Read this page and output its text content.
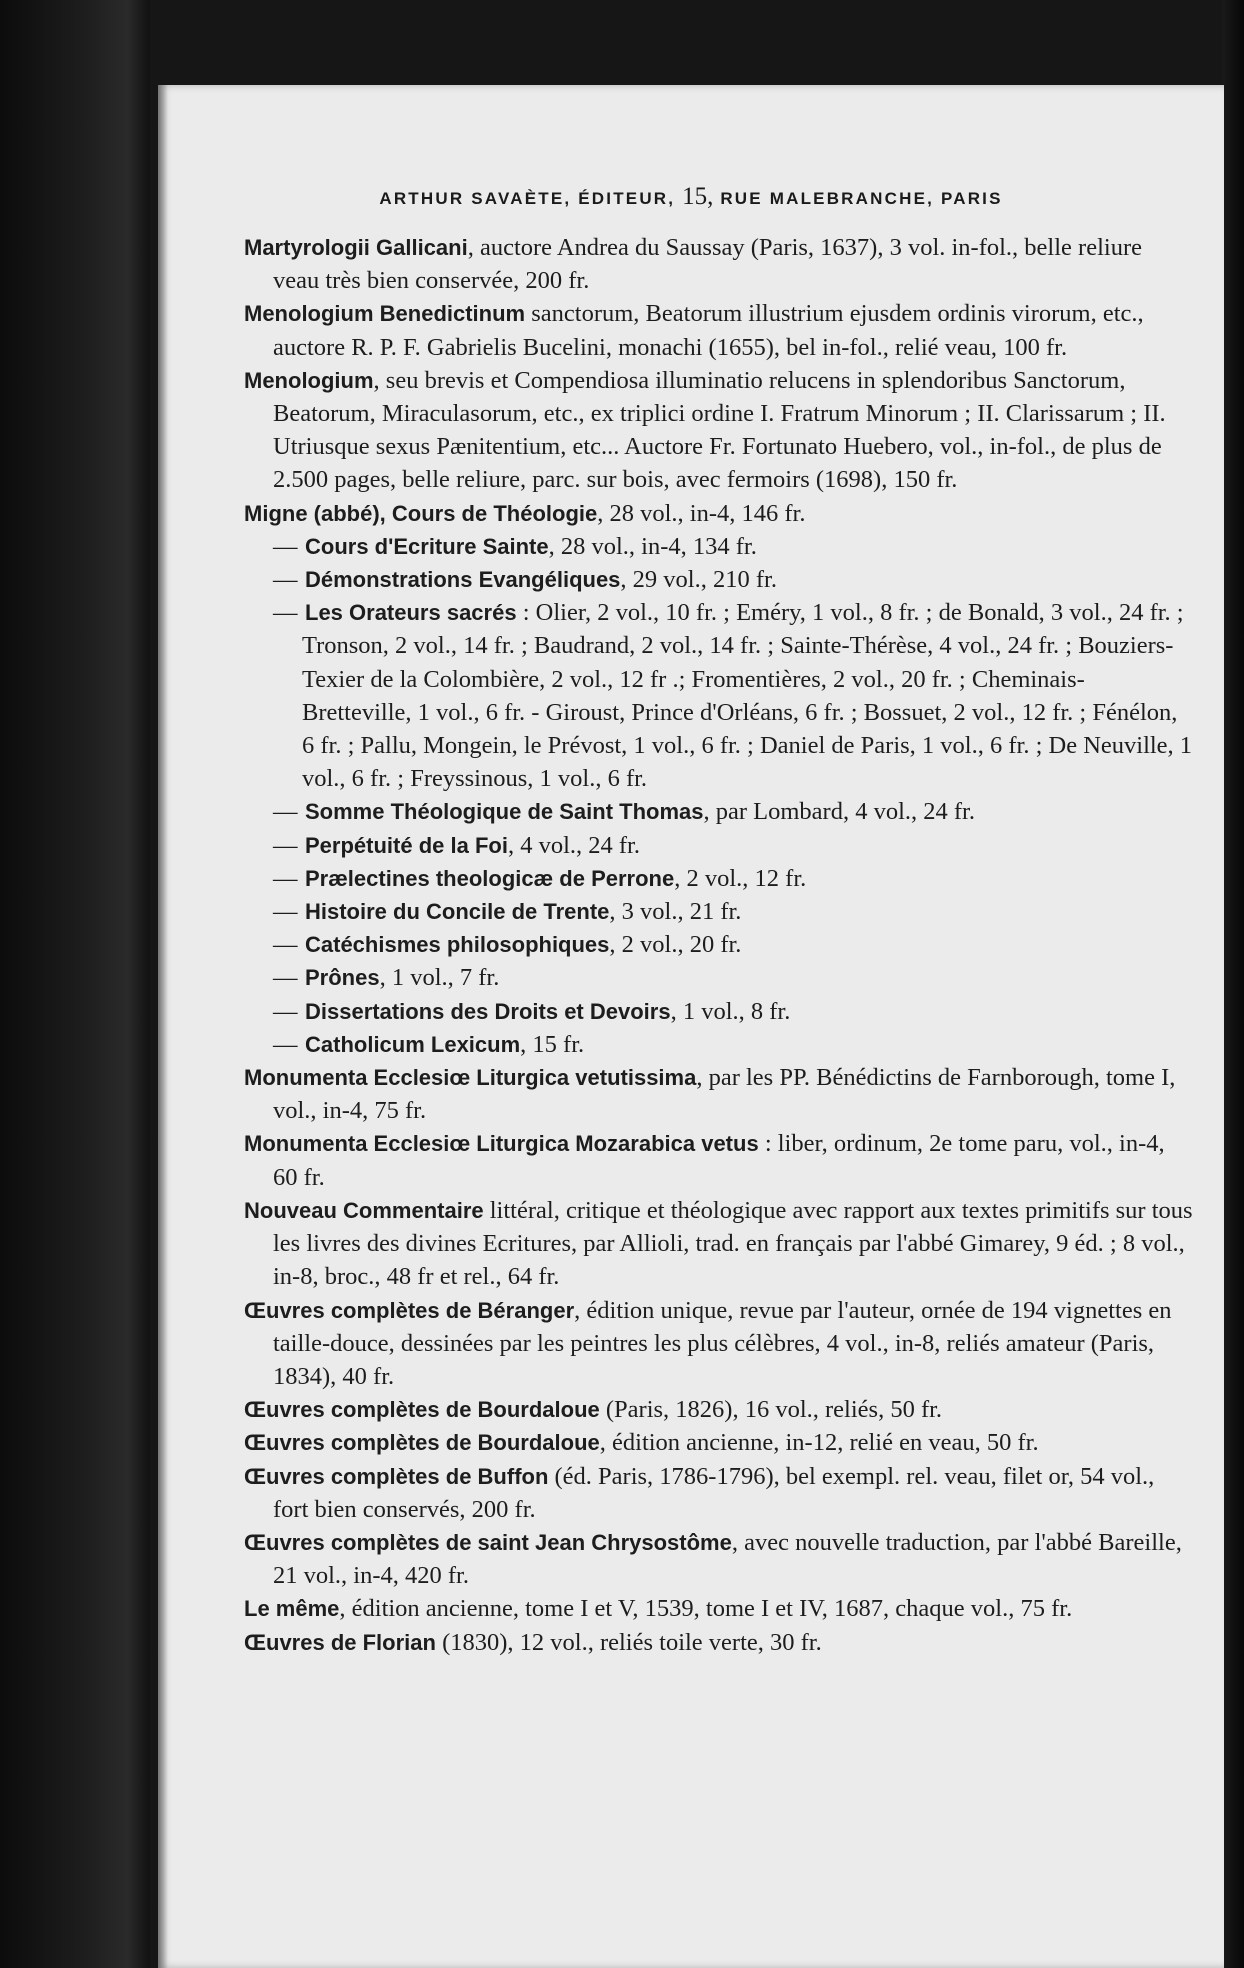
ARTHUR SAVAÈTE, ÉDITEUR, 15, RUE MALEBRANCHE, PARIS

Martyrologii Gallicani, auctore Andrea du Saussay (Paris, 1637), 3 vol. in-fol., belle reliure veau très bien conservée, 200 fr.

Menologium Benedictinum sanctorum, Beatorum illustrium ejusdem ordinis virorum, etc., auctore R. P. F. Gabrielis Bucelini, monachi (1655), bel in-fol., relié veau, 100 fr.

Menologium, seu brevis et Compendiosa illuminatio relucens in splendoribus Sanctorum, Beatorum, Miraculasorum, etc., ex triplici ordine I. Fratrum Minorum ; II. Clarissarum ; II. Utriusque sexus Pænitentium, etc... Auctore Fr. Fortunato Huebero, vol., in-fol., de plus de 2.500 pages, belle reliure, parc. sur bois, avec fermoirs (1698), 150 fr.

Migne (abbé), Cours de Théologie, 28 vol., in-4, 146 fr.

— Cours d'Ecriture Sainte, 28 vol., in-4, 134 fr.

— Démonstrations Evangéliques, 29 vol., 210 fr.

— Les Orateurs sacrés : Olier, 2 vol., 10 fr. ; Eméry, 1 vol., 8 fr. ; de Bonald, 3 vol., 24 fr. ; Tronson, 2 vol., 14 fr. ; Baudrand, 2 vol., 14 fr. ; Sainte-Thérèse, 4 vol., 24 fr. ; Bouziers-Texier de la Colombière, 2 vol., 12 fr .; Fromentières, 2 vol., 20 fr. ; Cheminais-Bretteville, 1 vol., 6 fr. - Giroust, Prince d'Orléans, 6 fr. ; Bossuet, 2 vol., 12 fr. ; Fénélon, 6 fr. ; Pallu, Mongein, le Prévost, 1 vol., 6 fr. ; Daniel de Paris, 1 vol., 6 fr. ; De Neuville, 1 vol., 6 fr. ; Freyssinous, 1 vol., 6 fr.

— Somme Théologique de Saint Thomas, par Lombard, 4 vol., 24 fr.

— Perpétuité de la Foi, 4 vol., 24 fr.

— Prælectines theologicæ de Perrone, 2 vol., 12 fr.

— Histoire du Concile de Trente, 3 vol., 21 fr.

— Catéchismes philosophiques, 2 vol., 20 fr.

— Prônes, 1 vol., 7 fr.

— Dissertations des Droits et Devoirs, 1 vol., 8 fr.

— Catholicum Lexicum, 15 fr.

Monumenta Ecclesiœ Liturgica vetutissima, par les PP. Bénédictins de Farnborough, tome I, vol., in-4, 75 fr.

Monumenta Ecclesiœ Liturgica Mozarabica vetus : liber, ordinum, 2e tome paru, vol., in-4, 60 fr.

Nouveau Commentaire littéral, critique et théologique avec rapport aux textes primitifs sur tous les livres des divines Ecritures, par Allioli, trad. en français par l'abbé Gimarey, 9 éd. ; 8 vol., in-8, broc., 48 fr et rel., 64 fr.

Œuvres complètes de Béranger, édition unique, revue par l'auteur, ornée de 194 vignettes en taille-douce, dessinées par les peintres les plus célèbres, 4 vol., in-8, reliés amateur (Paris, 1834), 40 fr.

Œuvres complètes de Bourdaloue (Paris, 1826), 16 vol., reliés, 50 fr.

Œuvres complètes de Bourdaloue, édition ancienne, in-12, relié en veau, 50 fr.

Œuvres complètes de Buffon (éd. Paris, 1786-1796), bel exempl. rel. veau, filet or, 54 vol., fort bien conservés, 200 fr.

Œuvres complètes de saint Jean Chrysostôme, avec nouvelle traduction, par l'abbé Bareille, 21 vol., in-4, 420 fr.

Le même, édition ancienne, tome I et V, 1539, tome I et IV, 1687, chaque vol., 75 fr.

Œuvres de Florian (1830), 12 vol., reliés toile verte, 30 fr.
